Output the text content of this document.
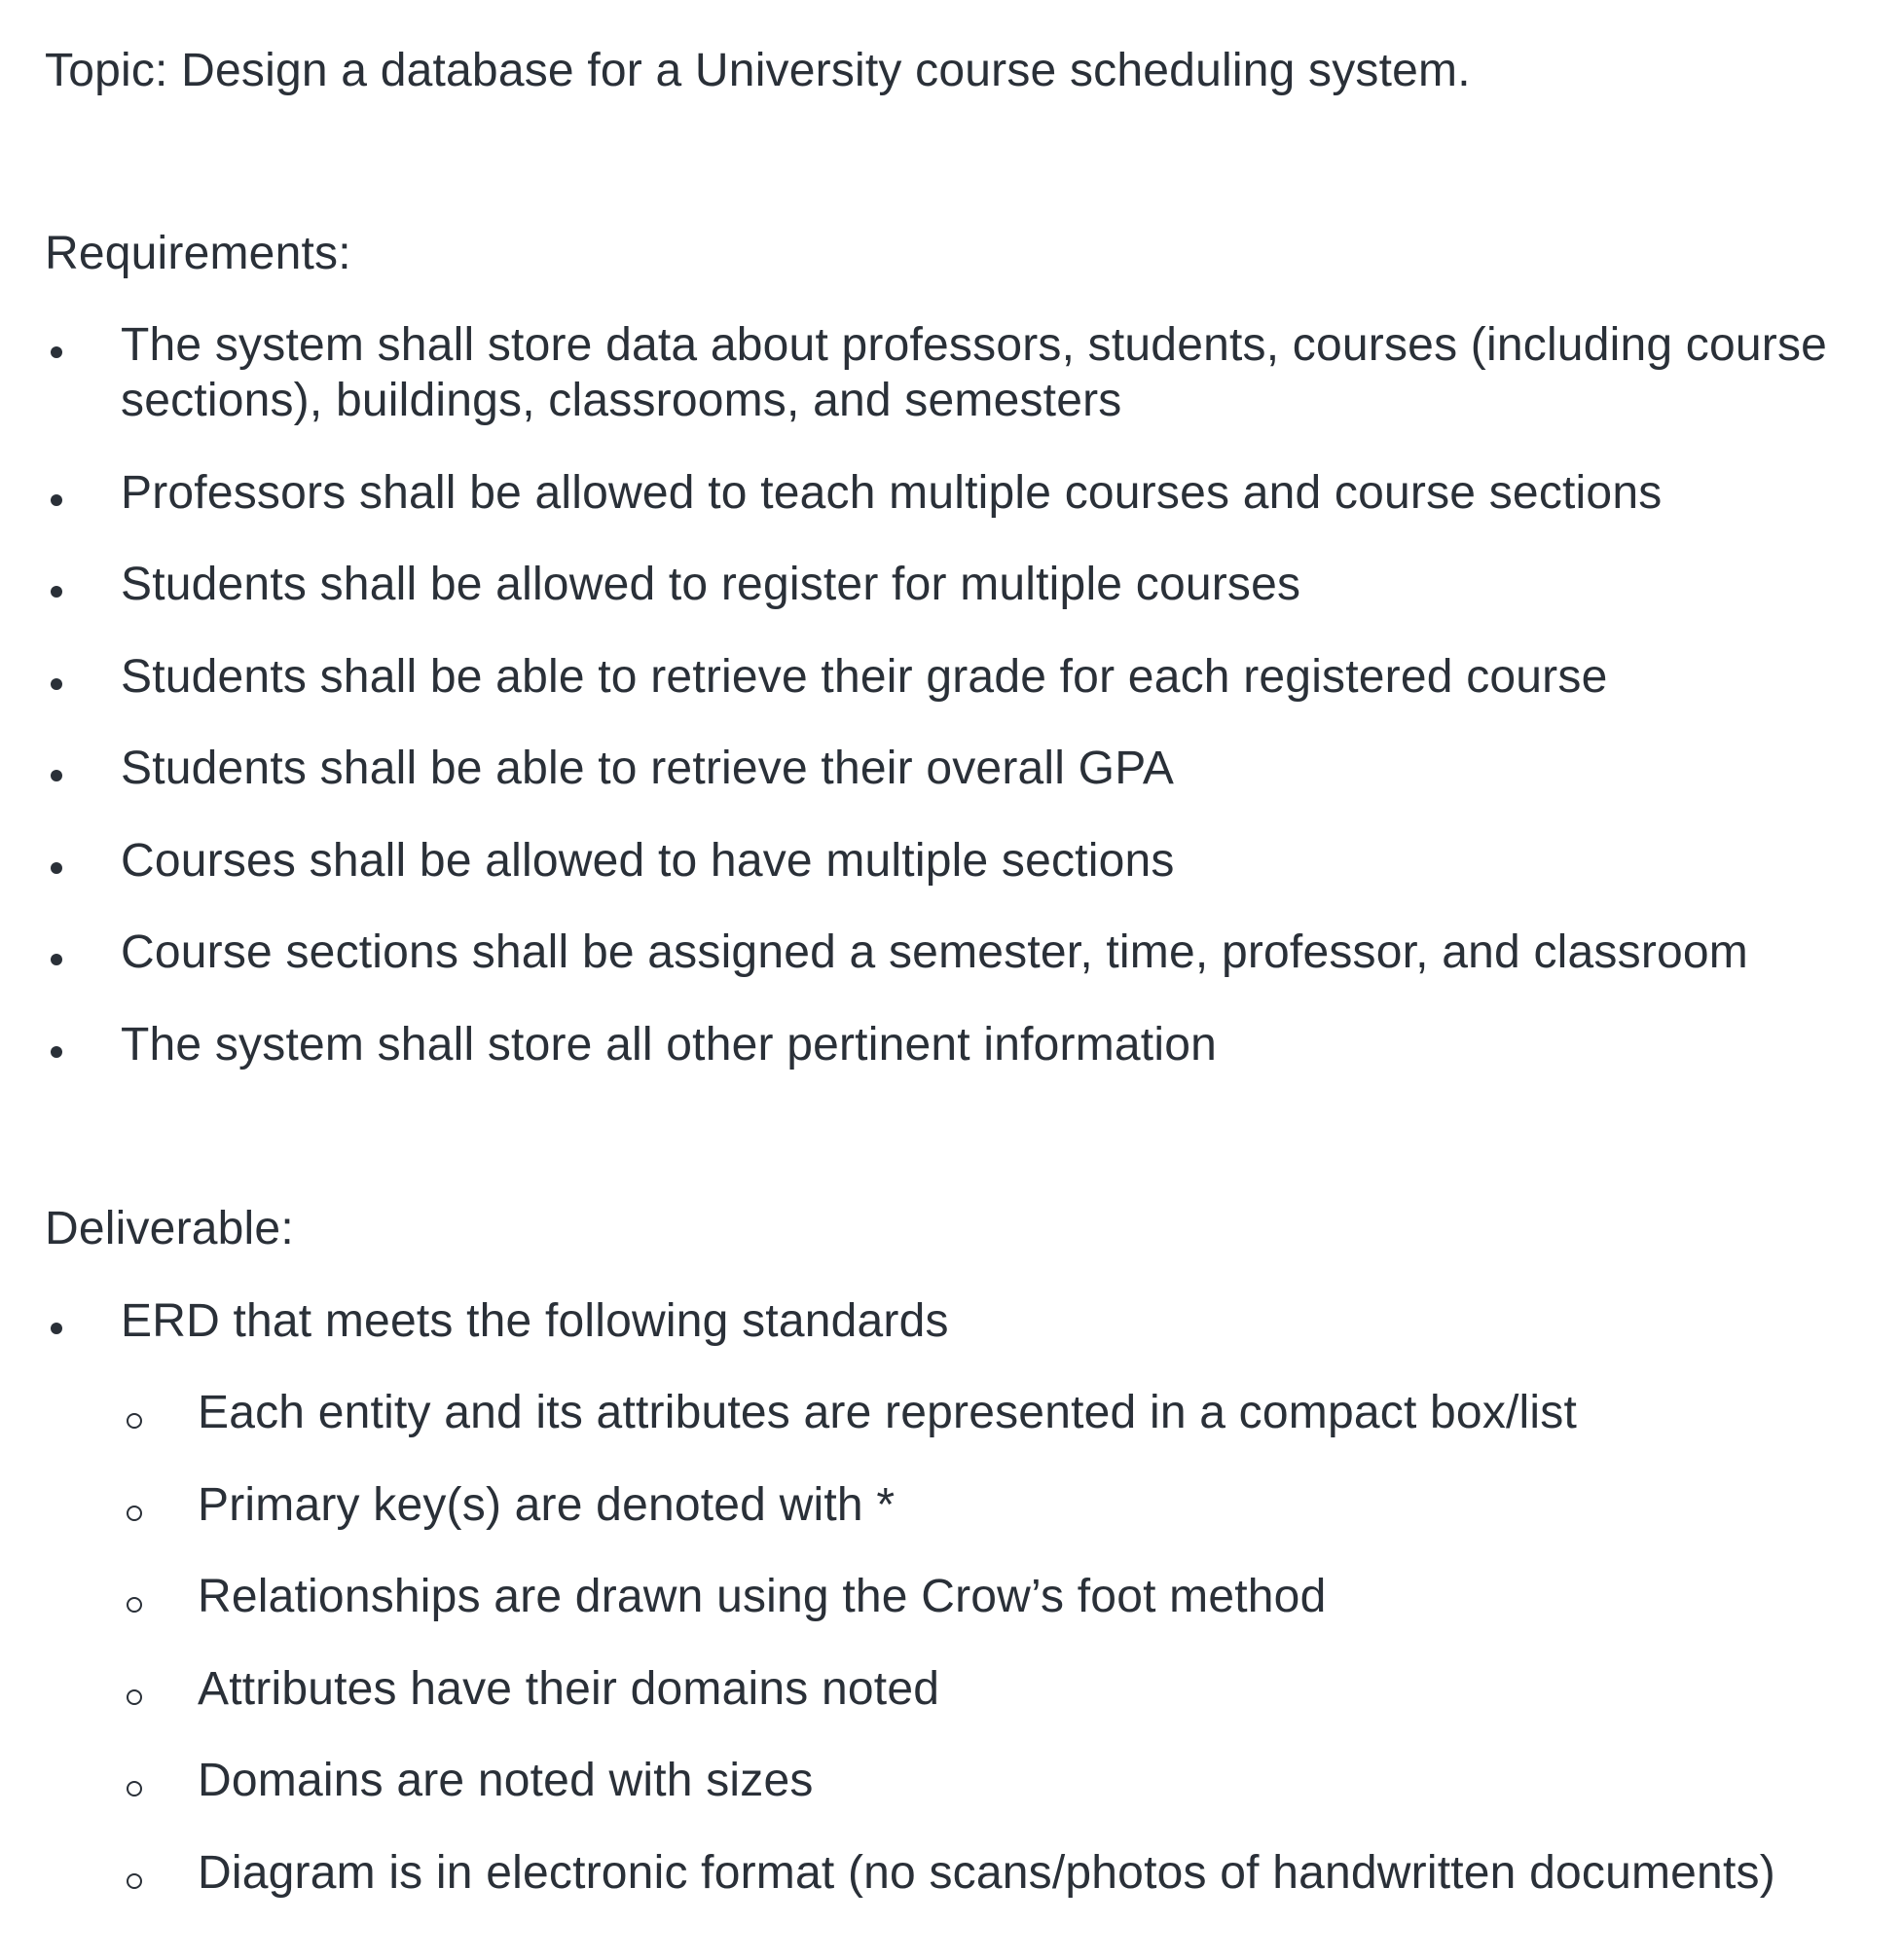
Topic: Design a database for a University course scheduling system.
Requirements:
The system shall store data about professors, students, courses (including course
sections), buildings, classrooms, and semesters
Professors shall be allowed to teach multiple courses and course sections
Students shall be allowed to register for multiple courses
Students shall be able to retrieve their grade for each registered course
Students shall be able to retrieve their overall GPA
Courses shall be allowed to have multiple sections
Course sections shall be assigned a semester, time, professor, and classroom
The system shall store all other pertinent information
Deliverable:
ERD that meets the following standards
Each entity and its attributes are represented in a compact box/list
Primary key(s) are denoted with *
Relationships are drawn using the Crow’s foot method
Attributes have their domains noted
Domains are noted with sizes
Diagram is in electronic format (no scans/photos of handwritten documents)
